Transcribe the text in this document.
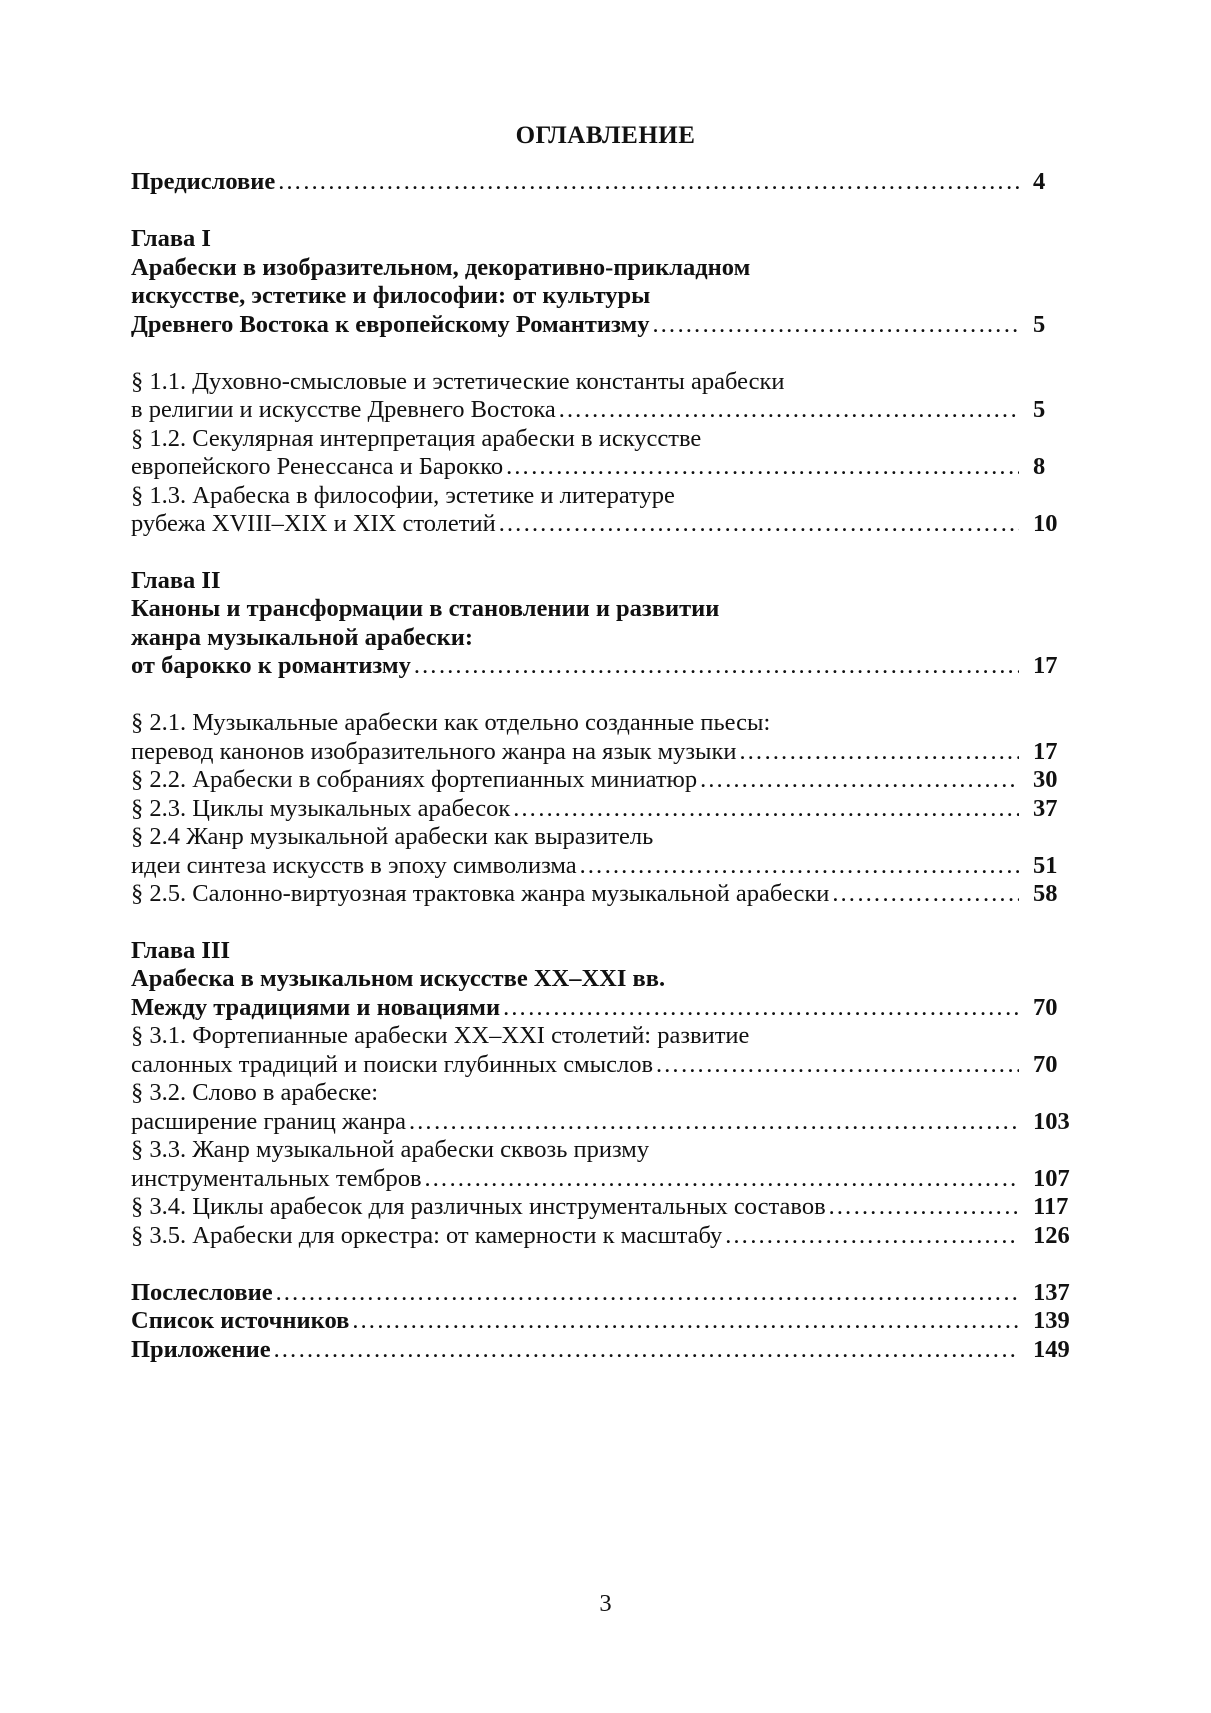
ОГЛАВЛЕНИЕ
Предисловие ………………………………………………………………………………………………………………………………………………………………	4
Глава I
Арабески в изобразительном, декоративно-прикладном
искусстве, эстетике и философии: от культуры
Древнего Востока к европейскому Романтизму ………………………………………………………………………………………………………………………………………………………………	5
§ 1.1. Духовно-смысловые и эстетические константы арабески
в религии и искусстве Древнего Востока ………………………………………………………………………………………………………………………………………………………………	5
§ 1.2. Секулярная интерпретация арабески в искусстве
европейского Ренессанса и Барокко ………………………………………………………………………………………………………………………………………………………………	8
§ 1.3. Арабеска в философии, эстетике и литературе
рубежа XVIII–XIX и XIX столетий ………………………………………………………………………………………………………………………………………………………………	10
Глава II
Каноны и трансформации в становлении и развитии
жанра музыкальной арабески:
от барокко к романтизму ………………………………………………………………………………………………………………………………………………………………	17
§ 2.1. Музыкальные арабески как отдельно созданные пьесы:
перевод канонов изобразительного жанра на язык музыки ………………………………………………………………………………………………………………………………………………………………	17
§ 2.2. Арабески в собраниях фортепианных миниатюр ………………………………………………………………………………………………………………………………………………………………	30
§ 2.3. Циклы музыкальных арабесок ………………………………………………………………………………………………………………………………………………………………	37
§ 2.4 Жанр музыкальной арабески как выразитель
идеи синтеза искусств в эпоху символизма ………………………………………………………………………………………………………………………………………………………………	51
§ 2.5. Салонно-виртуозная трактовка жанра музыкальной арабески ………………………………………………………………………………………………………………………………………………………………	58
Глава III
Арабеска в музыкальном искусстве XX–XXI вв.
Между традициями и новациями ………………………………………………………………………………………………………………………………………………………………	70
§ 3.1. Фортепианные арабески XX–XXI столетий: развитие
салонных традиций и поиски глубинных смыслов ………………………………………………………………………………………………………………………………………………………………	70
§ 3.2. Слово в арабеске:
расширение границ жанра ………………………………………………………………………………………………………………………………………………………………	103
§ 3.3. Жанр музыкальной арабески сквозь призму
инструментальных тембров ………………………………………………………………………………………………………………………………………………………………	107
§ 3.4. Циклы арабесок для различных инструментальных составов ………………………………………………………………………………………………………………………………………………………………	117
§ 3.5. Арабески для оркестра: от камерности к масштабу ………………………………………………………………………………………………………………………………………………………………	126
Послесловие ………………………………………………………………………………………………………………………………………………………………	137
Список источников ………………………………………………………………………………………………………………………………………………………………	139
Приложение ………………………………………………………………………………………………………………………………………………………………	149
3
